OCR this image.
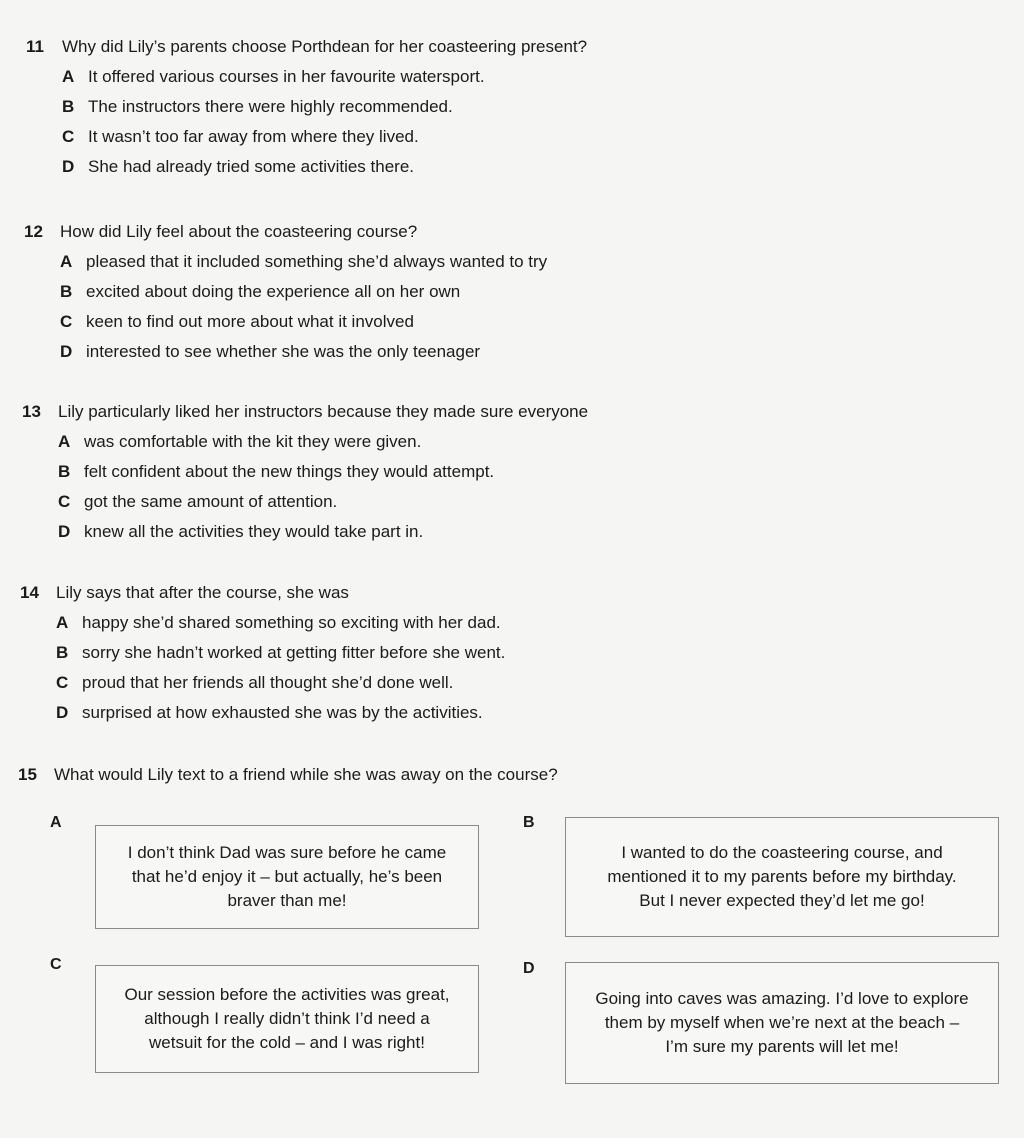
11 Why did Lily’s parents choose Porthdean for her coasteering present?
A It offered various courses in her favourite watersport.
B The instructors there were highly recommended.
C It wasn’t too far away from where they lived.
D She had already tried some activities there.
12 How did Lily feel about the coasteering course?
A pleased that it included something she’d always wanted to try
B excited about doing the experience all on her own
C keen to find out more about what it involved
D interested to see whether she was the only teenager
13 Lily particularly liked her instructors because they made sure everyone
A was comfortable with the kit they were given.
B felt confident about the new things they would attempt.
C got the same amount of attention.
D knew all the activities they would take part in.
14 Lily says that after the course, she was
A happy she’d shared something so exciting with her dad.
B sorry she hadn’t worked at getting fitter before she went.
C proud that her friends all thought she’d done well.
D surprised at how exhausted she was by the activities.
15 What would Lily text to a friend while she was away on the course?
A
I don’t think Dad was sure before he came
that he’d enjoy it – but actually, he’s been
braver than me!
B
I wanted to do the coasteering course, and
mentioned it to my parents before my birthday.
But I never expected they’d let me go!
C
Our session before the activities was great,
although I really didn’t think I’d need a
wetsuit for the cold – and I was right!
D
Going into caves was amazing. I’d love to explore
them by myself when we’re next at the beach –
I’m sure my parents will let me!
